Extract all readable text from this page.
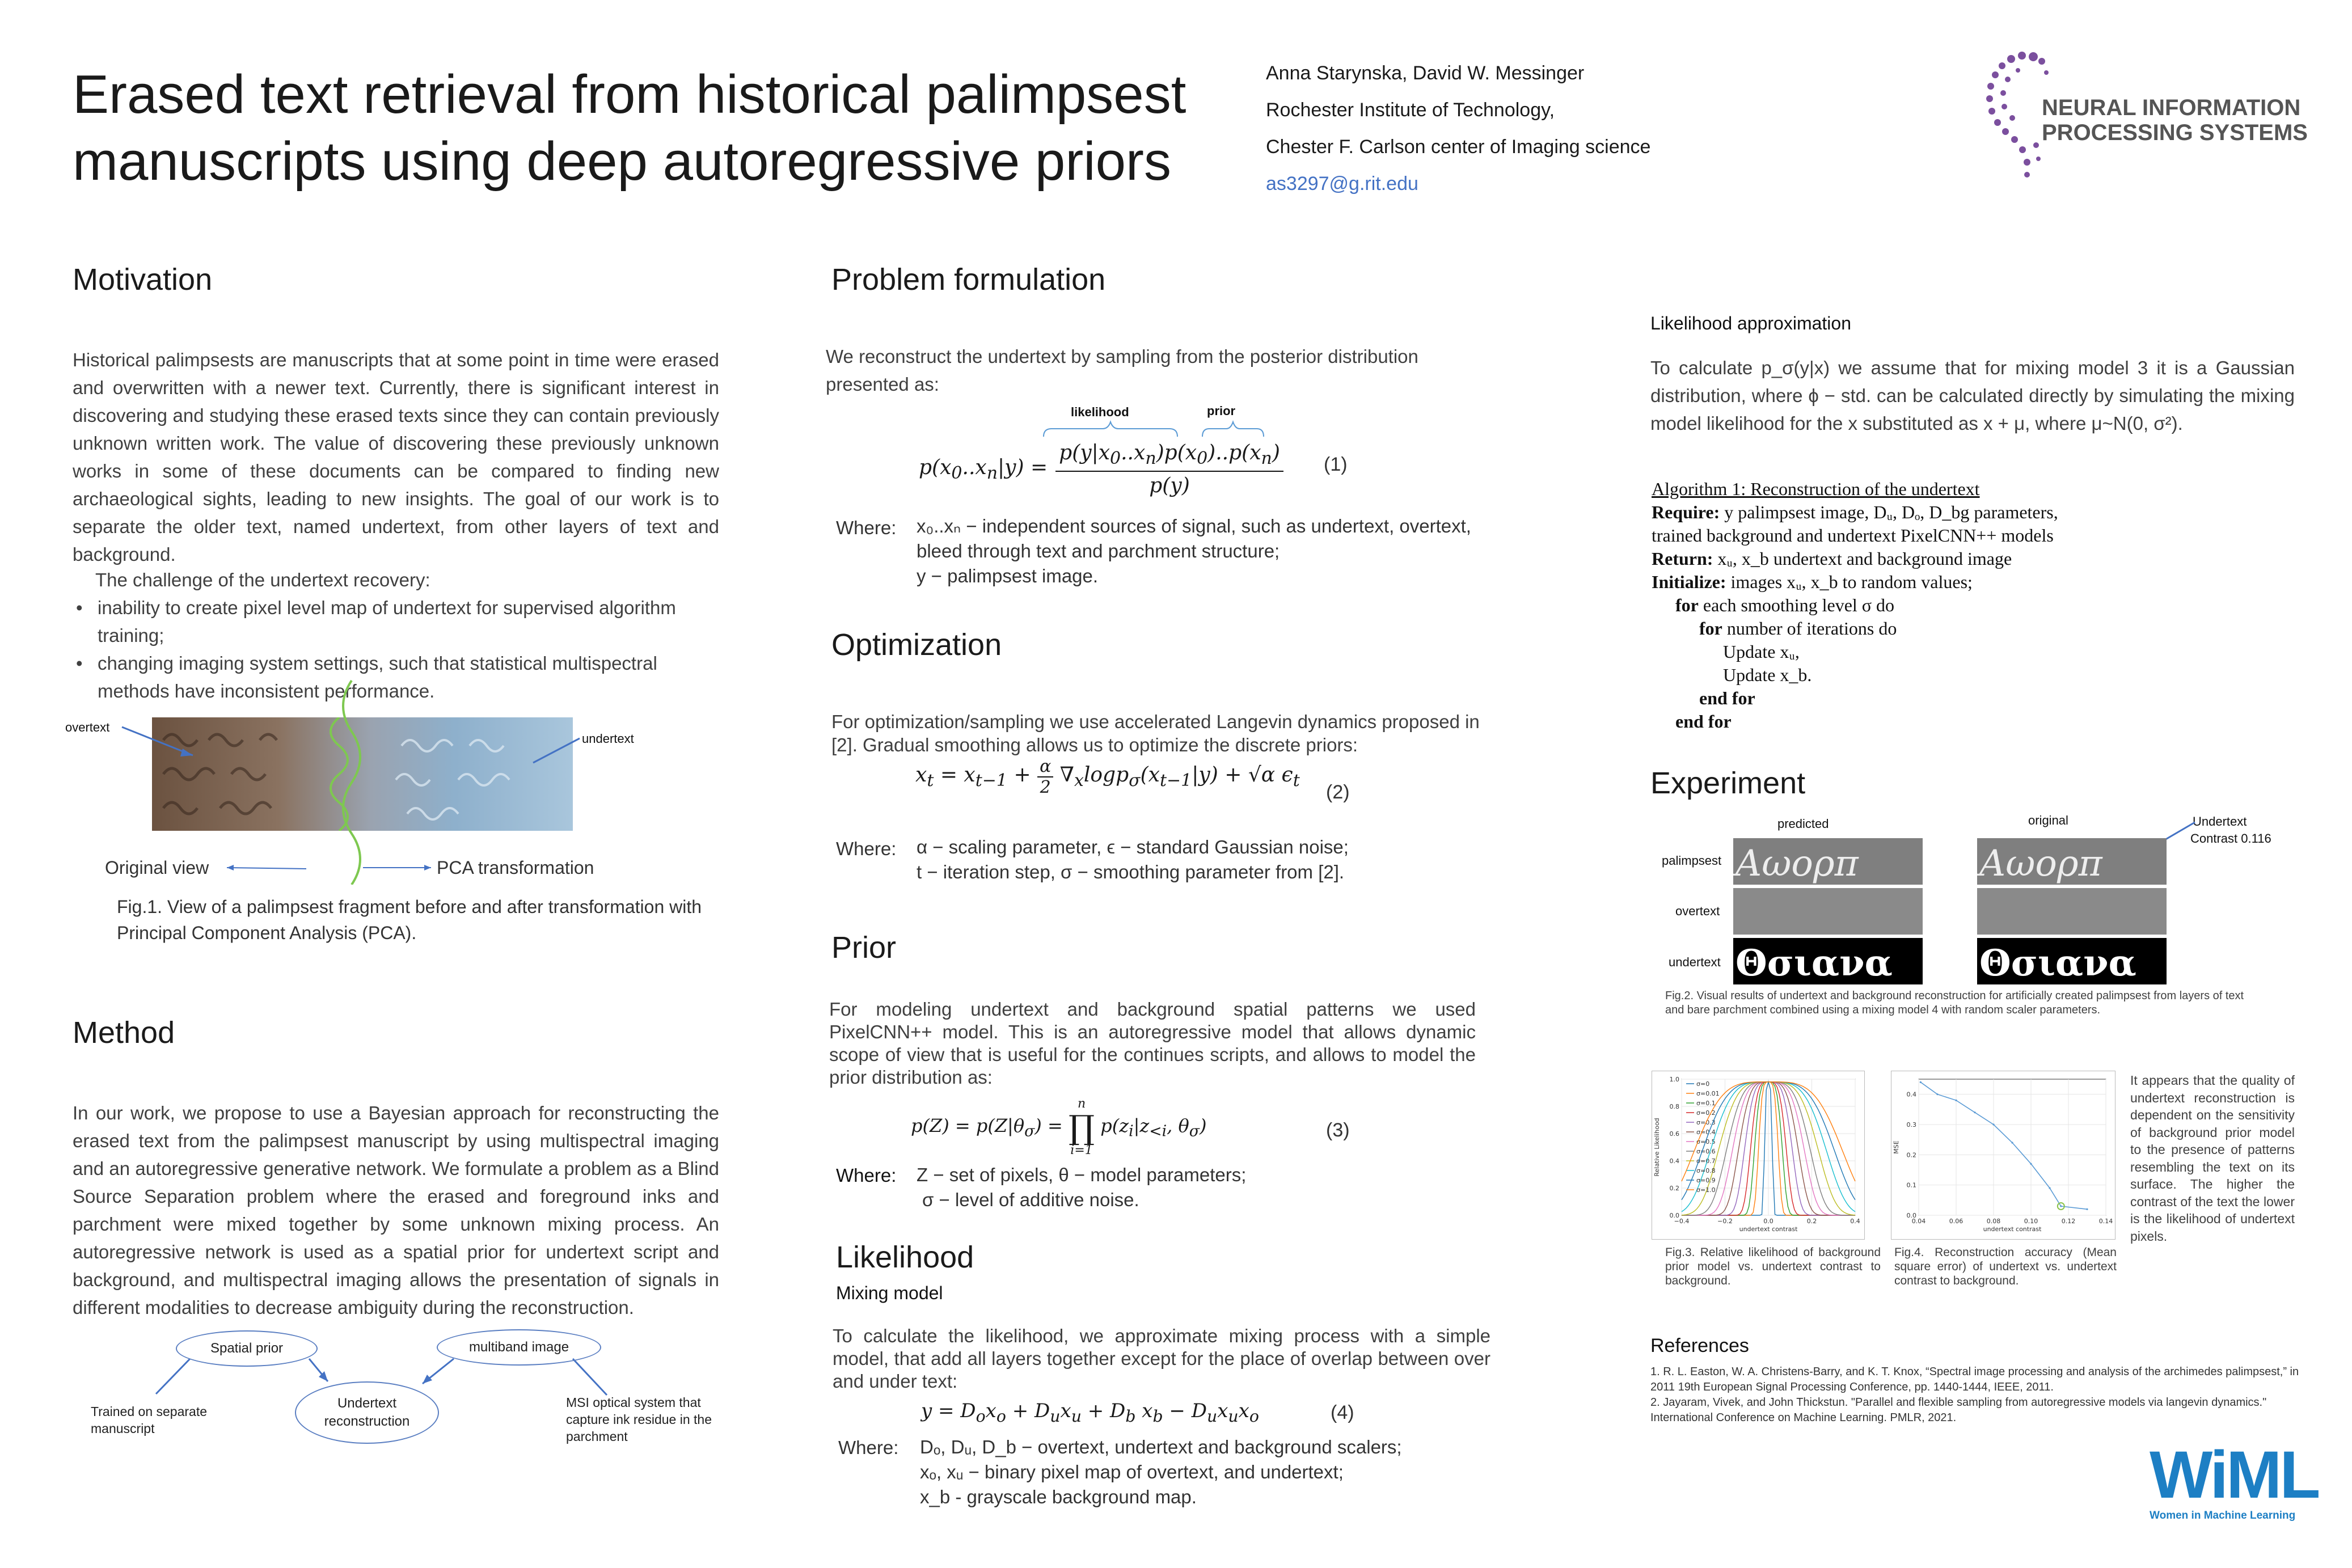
Erased text retrieval from historical palimpsest manuscripts using deep autoregressive priors
Anna Starynska, David W. Messinger
Rochester Institute of Technology,
Chester F. Carlson center of Imaging science
as3297@g.rit.edu
NEURAL INFORMATION
PROCESSING SYSTEMS
Motivation
Historical palimpsests are manuscripts that at some point in time were erased and overwritten with a newer text. Currently, there is significant interest in discovering and studying these erased texts since they can contain previously unknown written work. The value of discovering these previously unknown works in some of these documents can be compared to finding new archaeological sights, leading to new insights. The goal of our work is to separate the older text, named undertext, from other layers of text and background.
The challenge of the undertext recovery:
• inability to create pixel level map of undertext for supervised algorithm training;
• changing imaging system settings, such that statistical multispectral methods have inconsistent performance.
overtext
undertext
Original view	PCA transformation
Fig.1. View of a palimpsest fragment before and after transformation with Principal Component Analysis (PCA).
Method
In our work, we propose to use a Bayesian approach for reconstructing the erased text from the palimpsest manuscript by using multispectral imaging and an autoregressive generative network. We formulate a problem as a Blind Source Separation problem where the erased and foreground inks and parchment were mixed together by some unknown mixing process. An autoregressive network is used as a spatial prior for undertext script and background, and multispectral imaging allows the presentation of signals in different modalities to decrease ambiguity during the reconstruction.
Spatial prior	multiband image
Undertext reconstruction
Trained on separate manuscript
MSI optical system that capture ink residue in the parchment
Problem formulation
We reconstruct the undertext by sampling from the posterior distribution presented as:
likelihood	prior
$p(x_0..x_n|y) = \frac{p(y|x_0..x_n)p(x_0)..p(x_n)}{p(y)} (1)$
Where: x₀..xₙ − independent sources of signal, such as undertext, overtext, bleed through text and parchment structure;
y − palimpsest image.
Optimization
For optimization/sampling we use accelerated Langevin dynamics proposed in [2]. Gradual smoothing allows us to optimize the discrete priors:
$x_t = x_{t-1} + \frac{\alpha}{2} \nabla_x\log p_\sigma(x_{t-1}|y) + √\alpha$ $\epsilon_t$
(2)
Where: α − scaling parameter, ϵ − standard Gaussian noise;
t − iteration step, σ − smoothing parameter from [2].
Prior
For modeling undertext and background spatial patterns we used PixelCNN++ model. This is an autoregressive model that allows dynamic scope of view that is useful for the continues scripts, and allows to model the prior distribution as:
$p(Z) = p(Z|\theta_\sigma)$ =
n
∏
i=1
$p(z_i|z_{<i}$, $\theta_\sigma$)	(3)
Where: Z − set of pixels, θ − model parameters;
σ − level of additive noise.
Likelihood
Mixing model
To calculate the likelihood, we approximate mixing process with a simple model, that add all layers together except for the place of overlap between over and under text:
$y = D_ox_o + D_ux_u + D_b$ $x_b - D_ux_ux_o$	(4)
Where: Dₒ, Dᵤ, D_b − overtext, undertext and background scalers;
xₒ, xᵤ − binary pixel map of overtext, and undertext;
x_b - grayscale background map.
Likelihood approximation
To calculate p_σ(y|x) we assume that for mixing model 3 it is a Gaussian distribution, where ϕ − std. can be calculated directly by simulating the mixing model likelihood for the x substituted as x + μ, where μ~N(0, σ²).
Algorithm 1: Reconstruction of the undertext
Require: y palimpsest image, Dᵤ, Dₒ, D_bg parameters,
trained background and undertext PixelCNN++ models
Return: xᵤ, x_b undertext and background image
Initialize: images xᵤ, x_b to random values;
for each smoothing level σ do
for number of iterations do
Update xᵤ,
Update x_b.
end for
end for
Experiment
predicted	original	Undertext
Contrast 0.116
palimpsest
overtext
undertext
Αωορπ
Θσιανα
Αωορπ
Θσιανα
Fig.2. Visual results of undertext and background reconstruction for artificially created palimpsest from layers of text and bare parchment combined using a mixing model 4 with random scaler parameters.
−0.4	−0.2	0.0	0.2	0.4
0.0
0.2
0.4
0.6
0.8
1.0
undertext contrast
Relative Likelihood
σ=0
σ=0.01
σ=0.1
σ=0.2
σ=0.3
σ=0.4
σ=0.5
σ=0.6
σ=0.7
σ=0.8
σ=0.9
σ=1.0
Fig.3. Relative likelihood of background prior model vs. undertext contrast to background.
0.04	0.06	0.08	0.10	0.12	0.14
0.0
0.1
0.2
0.3
0.4
undertext contrast
MSE
Fig.4. Reconstruction accuracy (Mean square error) of undertext vs. undertext contrast to background.
It appears that the quality of undertext reconstruction is dependent on the sensitivity of background prior model to the presence of patterns resembling the text on its surface. The higher the contrast of the text the lower is the likelihood of undertext pixels.
References
1. R. L. Easton, W. A. Christens-Barry, and K. T. Knox, “Spectral image processing and analysis of the archimedes palimpsest,” in 2011 19th European Signal Processing Conference, pp. 1440-1444, IEEE, 2011.
2. Jayaram, Vivek, and John Thickstun. "Parallel and flexible sampling from autoregressive models via langevin dynamics." International Conference on Machine Learning. PMLR, 2021.
WiML
Women in Machine Learning
